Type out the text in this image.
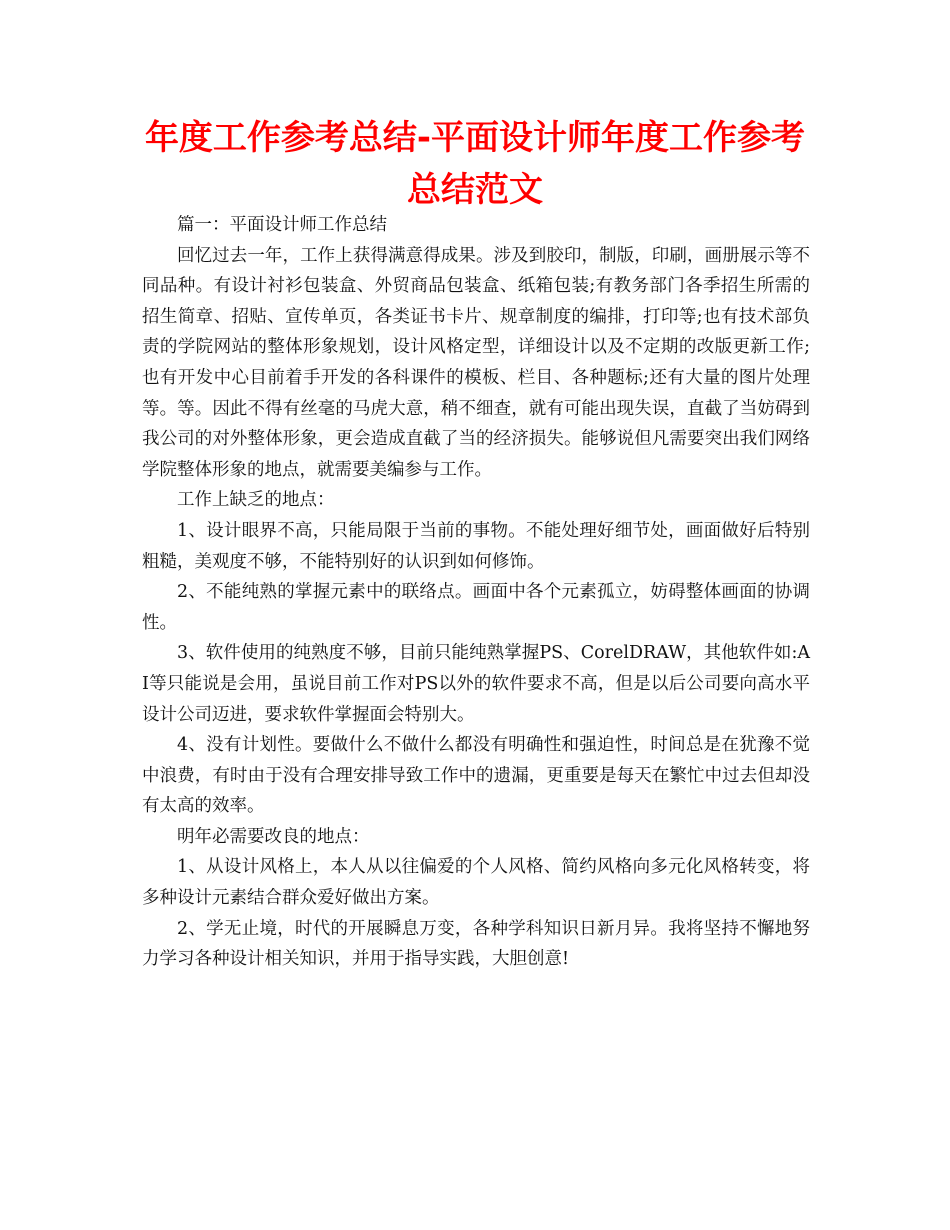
年度工作参考总结-平面设计师年度工作参考总结范文

篇一：平面设计师工作总结

回忆过去一年，工作上获得满意得成果。涉及到胶印，制版，印刷，画册展示等不同品种。有设计衬衫包装盒、外贸商品包装盒、纸箱包装;有教务部门各季招生所需的招生简章、招贴、宣传单页，各类证书卡片、规章制度的编排，打印等;也有技术部负责的学院网站的整体形象规划，设计风格定型，详细设计以及不定期的改版更新工作;也有开发中心目前着手开发的各科课件的模板、栏目、各种题标;还有大量的图片处理等。等。因此不得有丝毫的马虎大意，稍不细查，就有可能出现失误，直截了当妨碍到我公司的对外整体形象，更会造成直截了当的经济损失。能够说但凡需要突出我们网络学院整体形象的地点，就需要美编参与工作。

工作上缺乏的地点：

1、设计眼界不高，只能局限于当前的事物。不能处理好细节处，画面做好后特别粗糙，美观度不够，不能特别好的认识到如何修饰。

2、不能纯熟的掌握元素中的联络点。画面中各个元素孤立，妨碍整体画面的协调性。

3、软件使用的纯熟度不够，目前只能纯熟掌握PS、CorelDRAW，其他软件如:AI等只能说是会用，虽说目前工作对PS以外的软件要求不高，但是以后公司要向高水平设计公司迈进，要求软件掌握面会特别大。

4、没有计划性。要做什么不做什么都没有明确性和强迫性，时间总是在犹豫不觉中浪费，有时由于没有合理安排导致工作中的遗漏，更重要是每天在繁忙中过去但却没有太高的效率。

明年必需要改良的地点：

1、从设计风格上，本人从以往偏爱的个人风格、简约风格向多元化风格转变，将多种设计元素结合群众爱好做出方案。

2、学无止境，时代的开展瞬息万变，各种学科知识日新月异。我将坚持不懈地努力学习各种设计相关知识，并用于指导实践，大胆创意!
